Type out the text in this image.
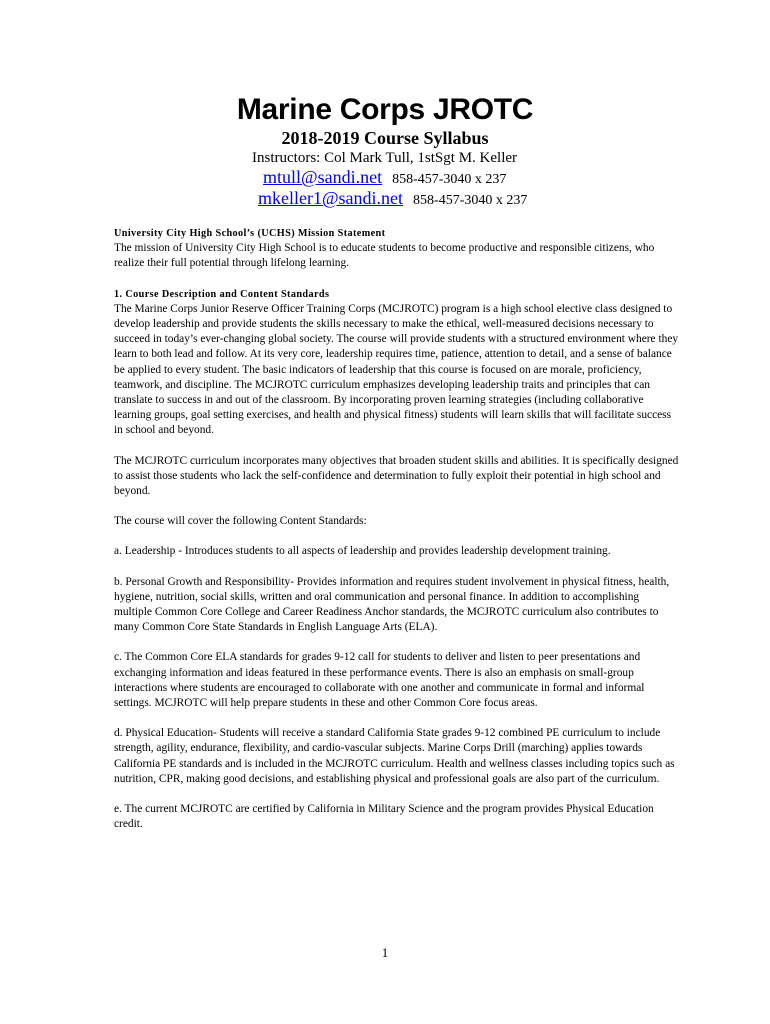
Marine Corps JROTC
2018-2019 Course Syllabus
Instructors: Col Mark Tull, 1stSgt M. Keller
mtull@sandi.net 858-457-3040 x 237
mkeller1@sandi.net 858-457-3040 x 237

University City High School’s (UCHS) Mission Statement
The mission of University City High School is to educate students to become productive and responsible citizens, who realize their full potential through lifelong learning.

1. Course Description and Content Standards
The Marine Corps Junior Reserve Officer Training Corps (MCJROTC) program is a high school elective class designed to develop leadership and provide students the skills necessary to make the ethical, well-measured decisions necessary to succeed in today’s ever-changing global society. The course will provide students with a structured environment where they learn to both lead and follow. At its very core, leadership requires time, patience, attention to detail, and a sense of balance be applied to every student. The basic indicators of leadership that this course is focused on are morale, proficiency, teamwork, and discipline. The MCJROTC curriculum emphasizes developing leadership traits and principles that can translate to success in and out of the classroom. By incorporating proven learning strategies (including collaborative learning groups, goal setting exercises, and health and physical fitness) students will learn skills that will facilitate success in school and beyond.

The MCJROTC curriculum incorporates many objectives that broaden student skills and abilities. It is specifically designed to assist those students who lack the self-confidence and determination to fully exploit their potential in high school and beyond.

The course will cover the following Content Standards:

a. Leadership - Introduces students to all aspects of leadership and provides leadership development training.

b. Personal Growth and Responsibility- Provides information and requires student involvement in physical fitness, health, hygiene, nutrition, social skills, written and oral communication and personal finance. In addition to accomplishing multiple Common Core College and Career Readiness Anchor standards, the MCJROTC curriculum also contributes to many Common Core State Standards in English Language Arts (ELA).

c. The Common Core ELA standards for grades 9-12 call for students to deliver and listen to peer presentations and exchanging information and ideas featured in these performance events. There is also an emphasis on small-group interactions where students are encouraged to collaborate with one another and communicate in formal and informal settings. MCJROTC will help prepare students in these and other Common Core focus areas.

d. Physical Education- Students will receive a standard California State grades 9-12 combined PE curriculum to include strength, agility, endurance, flexibility, and cardio-vascular subjects. Marine Corps Drill (marching) applies towards California PE standards and is included in the MCJROTC curriculum. Health and wellness classes including topics such as nutrition, CPR, making good decisions, and establishing physical and professional goals are also part of the curriculum.

e. The current MCJROTC are certified by California in Military Science and the program provides Physical Education credit.

1
